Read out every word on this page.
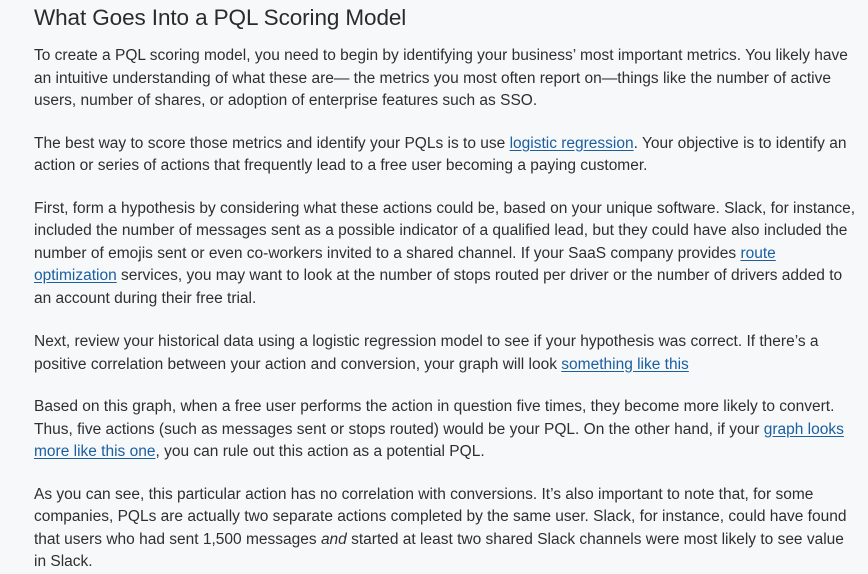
What Goes Into a PQL Scoring Model

To create a PQL scoring model, you need to begin by identifying your business’ most important metrics. You likely have an intuitive understanding of what these are— the metrics you most often report on—things like the number of active users, number of shares, or adoption of enterprise features such as SSO.

The best way to score those metrics and identify your PQLs is to use logistic regression. Your objective is to identify an action or series of actions that frequently lead to a free user becoming a paying customer.

First, form a hypothesis by considering what these actions could be, based on your unique software. Slack, for instance, included the number of messages sent as a possible indicator of a qualified lead, but they could have also included the number of emojis sent or even co-workers invited to a shared channel. If your SaaS company provides route optimization services, you may want to look at the number of stops routed per driver or the number of drivers added to an account during their free trial.

Next, review your historical data using a logistic regression model to see if your hypothesis was correct. If there’s a positive correlation between your action and conversion, your graph will look something like this

Based on this graph, when a free user performs the action in question five times, they become more likely to convert. Thus, five actions (such as messages sent or stops routed) would be your PQL. On the other hand, if your graph looks more like this one, you can rule out this action as a potential PQL.

As you can see, this particular action has no correlation with conversions. It’s also important to note that, for some companies, PQLs are actually two separate actions completed by the same user. Slack, for instance, could have found that users who had sent 1,500 messages and started at least two shared Slack channels were most likely to see value in Slack.
